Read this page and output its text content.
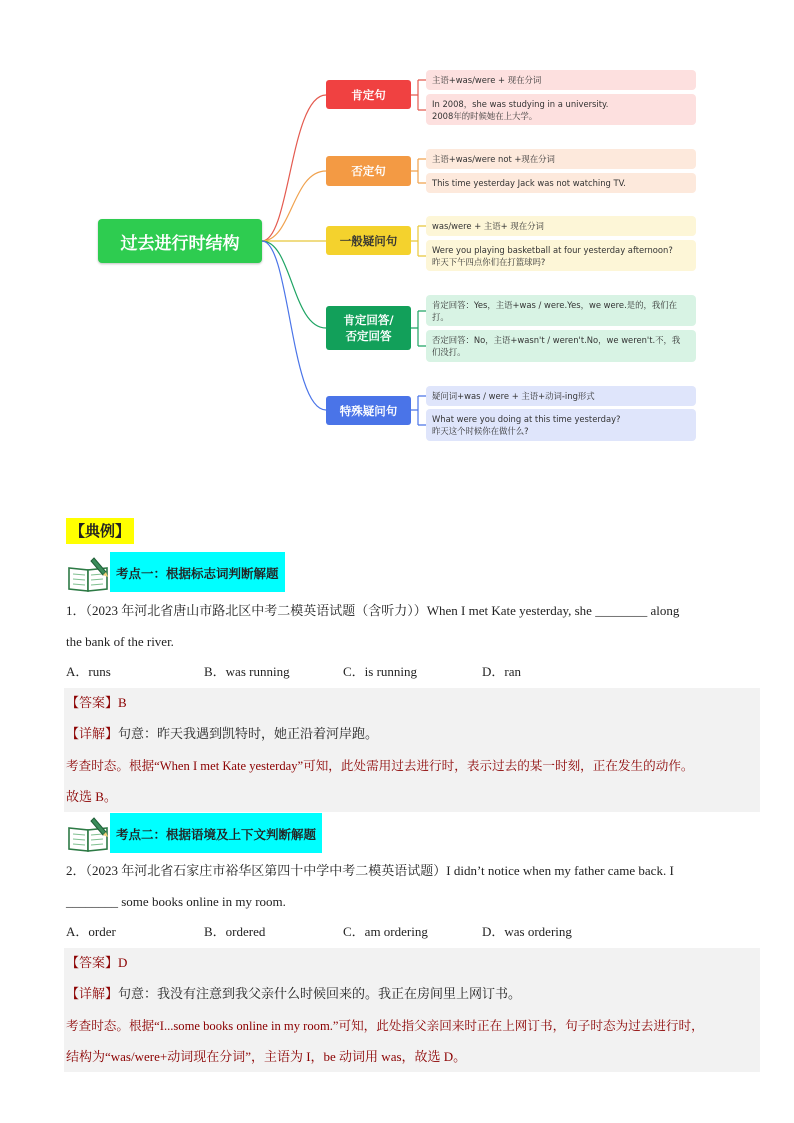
过去进行时结构
肯定句
主语+was/were + 现在分词
In 2008，she was studying in a university.
2008年的时候她在上大学。
否定句
主语+was/were not +现在分词
This time yesterday Jack was not watching TV.
一般疑问句
was/were + 主语+ 现在分词
Were you playing basketball at four yesterday afternoon?
昨天下午四点你们在打篮球吗?
肯定回答/
否定回答
肯定回答：Yes，主语+was / were.Yes，we were.是的，我们在
打。
否定回答：No，主语+wasn't / weren't.No，we weren't.不，我
们没打。
特殊疑问句
疑问词+was / were + 主语+动词-ing形式
What were you doing at this time yesterday?
昨天这个时候你在做什么?
【典例】
考点一：根据标志词判断解题
1．（2023 年河北省唐山市路北区中考二模英语试题（含听力））When I met Kate yesterday, she ________ along
the bank of the river.
A．runs	B．was running	C．is running	D．ran
【答案】B
【详解】句意：昨天我遇到凯特时，她正沿着河岸跑。
考查时态。根据“When I met Kate yesterday”可知，此处需用过去进行时，表示过去的某一时刻，正在发生的动作。
故选 B。
考点二：根据语境及上下文判断解题
2．（2023 年河北省石家庄市裕华区第四十中学中考二模英语试题）I didn’t notice when my father came back. I
________ some books online in my room.
A．order	B．ordered	C．am ordering	D．was ordering
【答案】D
【详解】句意：我没有注意到我父亲什么时候回来的。我正在房间里上网订书。
考查时态。根据“I...some books online in my room.”可知，此处指父亲回来时正在上网订书，句子时态为过去进行时，
结构为“was/were+动词现在分词”，主语为 I，be 动词用 was，故选 D。
